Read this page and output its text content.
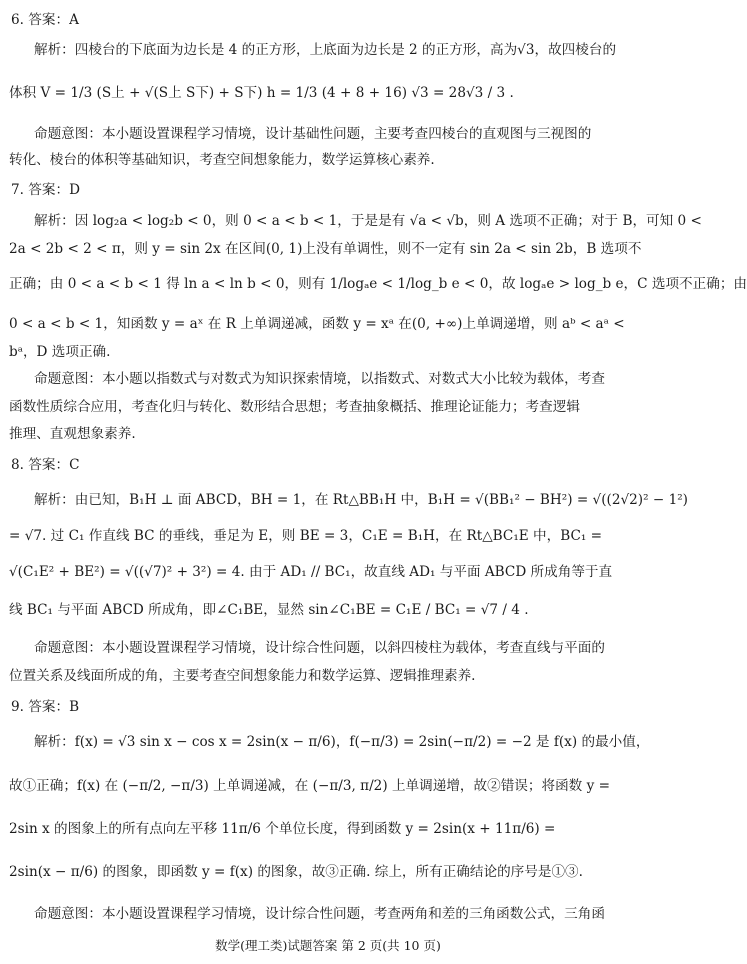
6. 答案：A
解析：四棱台的下底面为边长是 4 的正方形，上底面为边长是 2 的正方形，高为√3，故四棱台的
体积 V = 1/3 (S上 + √(S上 S下) + S下) h = 1/3 (4 + 8 + 16) √3 = 28√3 / 3 .
命题意图：本小题设置课程学习情境，设计基础性问题，主要考查四棱台的直观图与三视图的
转化、棱台的体积等基础知识，考查空间想象能力，数学运算核心素养.
7. 答案：D
解析：因 log₂a < log₂b < 0，则 0 < a < b < 1，于是是有 √a < √b，则 A 选项不正确；对于 B，可知 0 <
2a < 2b < 2 < π，则 y = sin 2x 在区间(0, 1)上没有单调性，则不一定有 sin 2a < sin 2b，B 选项不
正确；由 0 < a < b < 1 得 ln a < ln b < 0，则有 1/logₐe < 1/log_b e < 0，故 logₐe > log_b e，C 选项不正确；由
0 < a < b < 1，知函数 y = aˣ 在 R 上单调递减，函数 y = xᵃ 在(0, +∞)上单调递增，则 aᵇ < aᵃ <
bᵃ，D 选项正确.
命题意图：本小题以指数式与对数式为知识探索情境，以指数式、对数式大小比较为载体，考查
函数性质综合应用，考查化归与转化、数形结合思想；考查抽象概括、推理论证能力；考查逻辑
推理、直观想象素养.
8. 答案：C
解析：由已知，B₁H ⊥ 面 ABCD，BH = 1，在 Rt△BB₁H 中，B₁H = √(BB₁² − BH²) = √((2√2)² − 1²)
= √7. 过 C₁ 作直线 BC 的垂线，垂足为 E，则 BE = 3，C₁E = B₁H，在 Rt△BC₁E 中，BC₁ =
√(C₁E² + BE²) = √((√7)² + 3²) = 4. 由于 AD₁ // BC₁，故直线 AD₁ 与平面 ABCD 所成角等于直
线 BC₁ 与平面 ABCD 所成角，即∠C₁BE，显然 sin∠C₁BE = C₁E / BC₁ = √7 / 4 .
命题意图：本小题设置课程学习情境，设计综合性问题，以斜四棱柱为载体，考查直线与平面的
位置关系及线面所成的角，主要考查空间想象能力和数学运算、逻辑推理素养.
9. 答案：B
解析：f(x) = √3 sin x − cos x = 2sin(x − π/6)，f(−π/3) = 2sin(−π/2) = −2 是 f(x) 的最小值，
故①正确；f(x) 在 (−π/2, −π/3) 上单调递减，在 (−π/3, π/2) 上单调递增，故②错误；将函数 y =
2sin x 的图象上的所有点向左平移 11π/6 个单位长度，得到函数 y = 2sin(x + 11π/6) =
2sin(x − π/6) 的图象，即函数 y = f(x) 的图象，故③正确. 综上，所有正确结论的序号是①③.
命题意图：本小题设置课程学习情境，设计综合性问题，考查两角和差的三角函数公式，三角函
数学(理工类)试题答案 第 2 页(共 10 页)
